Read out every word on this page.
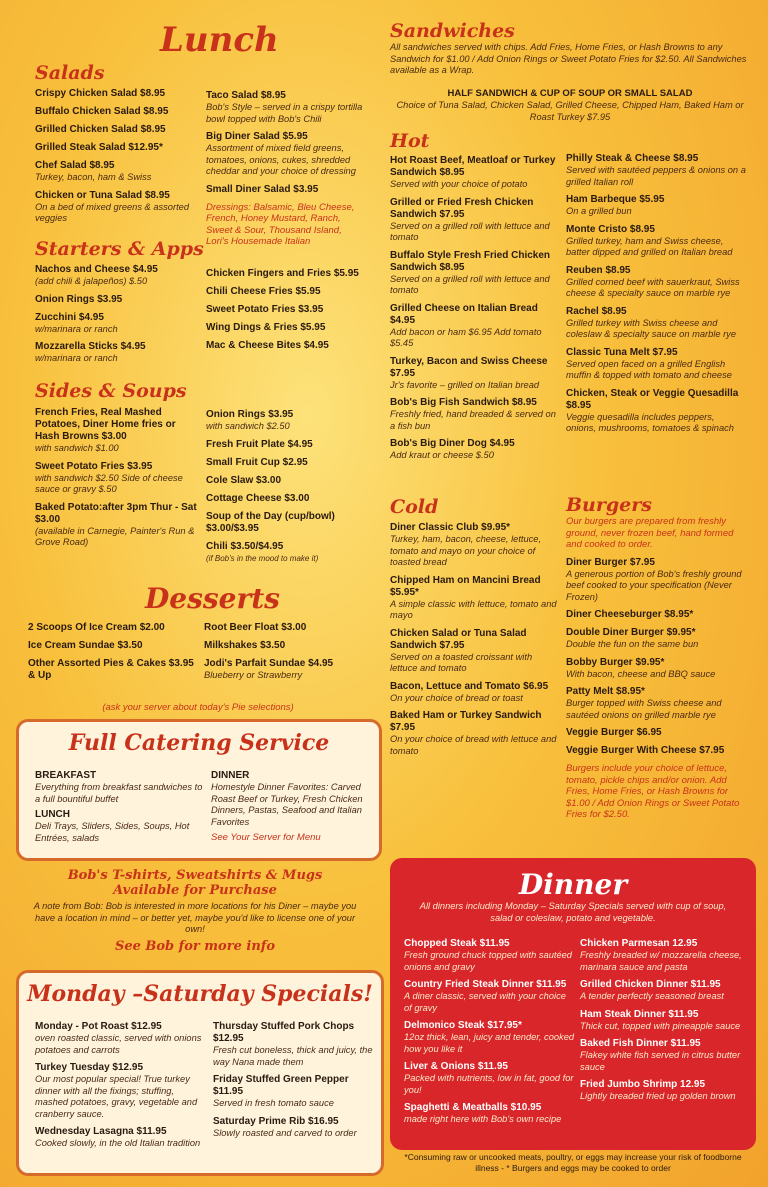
Lunch
Salads
Crispy Chicken Salad $8.95
Buffalo Chicken Salad $8.95
Grilled Chicken Salad $8.95
Grilled Steak Salad $12.95*
Chef Salad $8.95
Turkey, bacon, ham & Swiss
Chicken or Tuna Salad $8.95
On a bed of mixed greens & assorted veggies
Taco Salad $8.95
Bob's Style – served in a crispy tortilla bowl topped with Bob's Chili
Big Diner Salad $5.95
Assortment of mixed field greens, tomatoes, onions, cukes, shredded cheddar and your choice of dressing
Small Diner Salad $3.95
Dressings: Balsamic, Bleu Cheese, French, Honey Mustard, Ranch, Sweet & Sour, Thousand Island, Lori's Housemade Italian
Starters & Apps
Nachos and Cheese $4.95
(add chili & jalapeños) $.50
Onion Rings $3.95
Zucchini $4.95
w/marinara or ranch
Mozzarella Sticks $4.95
w/marinara or ranch
Chicken Fingers and Fries $5.95
Chili Cheese Fries $5.95
Sweet Potato Fries $3.95
Wing Dings & Fries $5.95
Mac & Cheese Bites $4.95
Sides & Soups
French Fries, Real Mashed Potatoes, Diner Home fries or Hash Browns $3.00
with sandwich $1.00
Sweet Potato Fries $3.95
with sandwich $2.50 Side of cheese sauce or gravy $.50
Baked Potato:after 3pm Thur - Sat $3.00
(available in Carnegie, Painter's Run & Grove Road)
Onion Rings $3.95
with sandwich $2.50
Fresh Fruit Plate $4.95
Small Fruit Cup $2.95
Cole Slaw $3.00
Cottage Cheese $3.00
Soup of the Day (cup/bowl) $3.00/$3.95
Chili $3.50/$4.95
(if Bob's in the mood to make it)
Desserts
2 Scoops Of Ice Cream $2.00
Ice Cream Sundae $3.50
Other Assorted Pies & Cakes $3.95 & Up
Root Beer Float $3.00
Milkshakes $3.50
Jodi's Parfait Sundae $4.95
Blueberry or Strawberry
(ask your server about today's Pie selections)
Full Catering Service
BREAKFAST
Everything from breakfast sandwiches to a full bountiful buffet
LUNCH
Deli Trays, Sliders, Sides, Soups, Hot Entrées, salads
DINNER
Homestyle Dinner Favorites: Carved Roast Beef or Turkey, Fresh Chicken Dinners, Pastas, Seafood and Italian Favorites
See Your Server for Menu
Bob's T-shirts, Sweatshirts & Mugs
Available for Purchase
A note from Bob: Bob is interested in more locations for his Diner – maybe you have a location in mind – or better yet, maybe you'd like to license one of your own!
See Bob for more info
Monday –Saturday Specials!
Monday - Pot Roast $12.95
oven roasted classic, served with onions potatoes and carrots
Turkey Tuesday $12.95
Our most popular special! True turkey dinner with all the fixings; stuffing, mashed potatoes, gravy, vegetable and cranberry sauce.
Wednesday Lasagna $11.95
Cooked slowly, in the old Italian tradition
Thursday Stuffed Pork Chops $12.95
Fresh cut boneless, thick and juicy, the way Nana made them
Friday Stuffed Green Pepper $11.95
Served in fresh tomato sauce
Saturday Prime Rib $16.95
Slowly roasted and carved to order
Sandwiches
All sandwiches served with chips. Add Fries, Home Fries, or Hash Browns to any Sandwich for $1.00 / Add Onion Rings or Sweet Potato Fries for $2.50. All Sandwiches available as a Wrap.
HALF SANDWICH & CUP OF SOUP OR SMALL SALAD
Choice of Tuna Salad, Chicken Salad, Grilled Cheese, Chipped Ham, Baked Ham or Roast Turkey $7.95
Hot
Hot Roast Beef, Meatloaf or Turkey Sandwich $8.95
Served with your choice of potato
Grilled or Fried Fresh Chicken Sandwich $7.95
Served on a grilled roll with lettuce and tomato
Buffalo Style Fresh Fried Chicken Sandwich $8.95
Served on a grilled roll with lettuce and tomato
Grilled Cheese on Italian Bread $4.95
Add bacon or ham $6.95 Add tomato $5.45
Turkey, Bacon and Swiss Cheese $7.95
Jr's favorite – grilled on Italian bread
Bob's Big Fish Sandwich $8.95
Freshly fried, hand breaded & served on a fish bun
Bob's Big Diner Dog $4.95
Add kraut or cheese $.50
Philly Steak & Cheese $8.95
Served with sautéed peppers & onions on a grilled Italian roll
Ham Barbeque $5.95
On a grilled bun
Monte Cristo $8.95
Grilled turkey, ham and Swiss cheese, batter dipped and grilled on Italian bread
Reuben $8.95
Grilled corned beef with sauerkraut, Swiss cheese & specialty sauce on marble rye
Rachel $8.95
Grilled turkey with Swiss cheese and coleslaw & specialty sauce on marble rye
Classic Tuna Melt $7.95
Served open faced on a grilled English muffin & topped with tomato and cheese
Chicken, Steak or Veggie Quesadilla $8.95
Veggie quesadilla includes peppers, onions, mushrooms, tomatoes & spinach
Cold
Diner Classic Club $9.95*
Turkey, ham, bacon, cheese, lettuce, tomato and mayo on your choice of toasted bread
Chipped Ham on Mancini Bread $5.95*
A simple classic with lettuce, tomato and mayo
Chicken Salad or Tuna Salad Sandwich $7.95
Served on a toasted croissant with lettuce and tomato
Bacon, Lettuce and Tomato $6.95
On your choice of bread or toast
Baked Ham or Turkey Sandwich $7.95
On your choice of bread with lettuce and tomato
Burgers
Our burgers are prepared from freshly ground, never frozen beef, hand formed and cooked to order.
Diner Burger $7.95
A generous portion of Bob's freshly ground beef cooked to your specification (Never Frozen)
Diner Cheeseburger $8.95*
Double Diner Burger $9.95*
Double the fun on the same bun
Bobby Burger $9.95*
With bacon, cheese and BBQ sauce
Patty Melt $8.95*
Burger topped with Swiss cheese and sautéed onions on grilled marble rye
Veggie Burger $6.95
Veggie Burger With Cheese $7.95
Burgers include your choice of lettuce, tomato, pickle chips and/or onion. Add Fries, Home Fries, or Hash Browns for $1.00 / Add Onion Rings or Sweet Potato Fries for $2.50.
Dinner
All dinners including Monday – Saturday Specials served with cup of soup, salad or coleslaw, potato and vegetable.
Chopped Steak $11.95
Fresh ground chuck topped with sautéed onions and gravy
Country Fried Steak Dinner $11.95
A diner classic, served with your choice of gravy
Delmonico Steak $17.95*
12oz thick, lean, juicy and tender, cooked how you like it
Liver & Onions $11.95
Packed with nutrients, low in fat, good for you!
Spaghetti & Meatballs $10.95
made right here with Bob's own recipe
Chicken Parmesan 12.95
Freshly breaded w/ mozzarella cheese, marinara sauce and pasta
Grilled Chicken Dinner $11.95
A tender perfectly seasoned breast
Ham Steak Dinner $11.95
Thick cut, topped with pineapple sauce
Baked Fish Dinner $11.95
Flakey white fish served in citrus butter sauce
Fried Jumbo Shrimp 12.95
Lightly breaded fried up golden brown
*Consuming raw or uncooked meats, poultry, or eggs may increase your risk of foodborne illness - * Burgers and eggs may be cooked to order
